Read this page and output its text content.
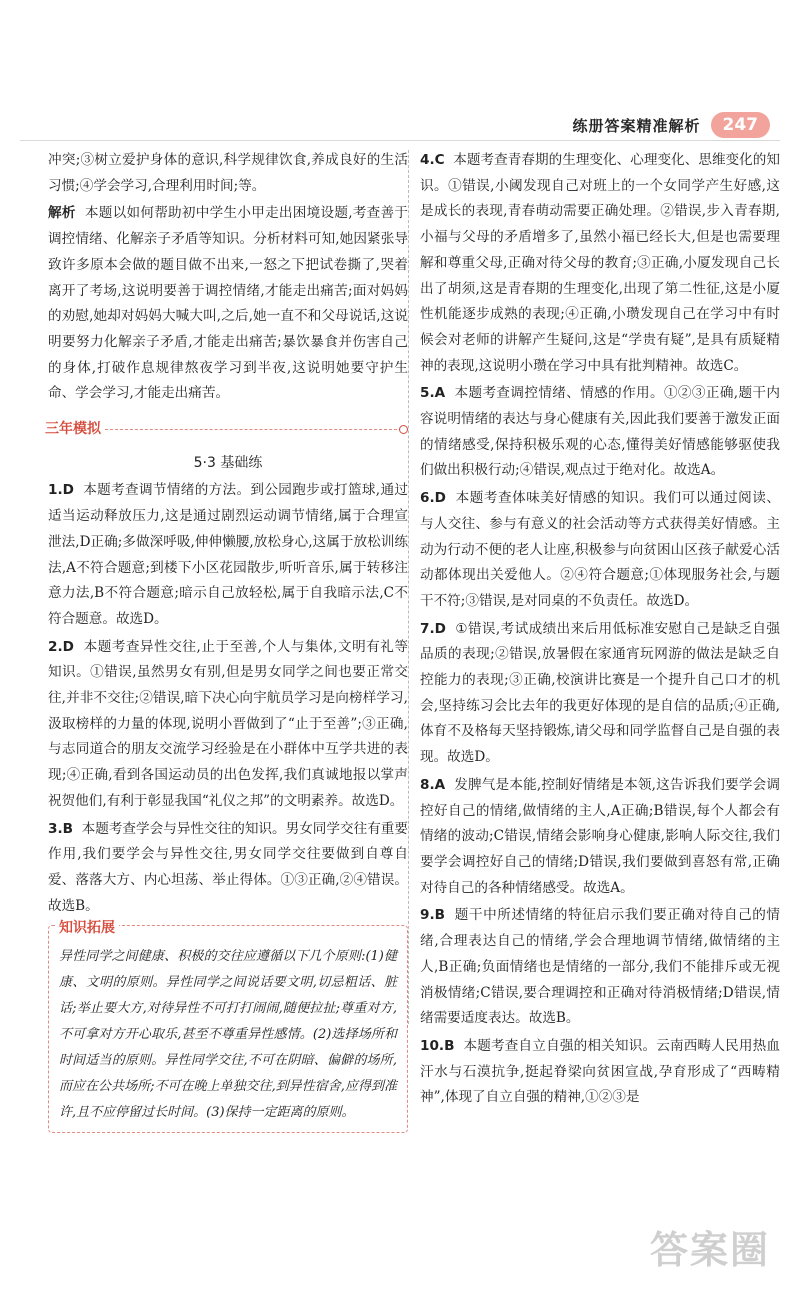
练册答案精准解析	247

冲突;③树立爱护身体的意识,科学规律饮食,养成良好的生活习惯;④学会学习,合理利用时间;等。

解析 本题以如何帮助初中学生小甲走出困境设题,考查善于调控情绪、化解亲子矛盾等知识。分析材料可知,她因紧张导致许多原本会做的题目做不出来,一怒之下把试卷撕了,哭着离开了考场,这说明要善于调控情绪,才能走出痛苦;面对妈妈的劝慰,她却对妈妈大喊大叫,之后,她一直不和父母说话,这说明要努力化解亲子矛盾,才能走出痛苦;暴饮暴食并伤害自己的身体,打破作息规律熬夜学习到半夜,这说明她要守护生命、学会学习,才能走出痛苦。

三年模拟

5·3 基础练

1.D 本题考查调节情绪的方法。到公园跑步或打篮球,通过适当运动释放压力,这是通过剧烈运动调节情绪,属于合理宣泄法,D正确;多做深呼吸,伸伸懒腰,放松身心,这属于放松训练法,A不符合题意;到楼下小区花园散步,听听音乐,属于转移注意力法,B不符合题意;暗示自己放轻松,属于自我暗示法,C不符合题意。故选D。

2.D 本题考查异性交往,止于至善,个人与集体,文明有礼等知识。①错误,虽然男女有别,但是男女同学之间也要正常交往,并非不交往;②错误,暗下决心向宇航员学习是向榜样学习,汲取榜样的力量的体现,说明小晋做到了“止于至善”;③正确,与志同道合的朋友交流学习经验是在小群体中互学共进的表现;④正确,看到各国运动员的出色发挥,我们真诚地报以掌声祝贺他们,有利于彰显我国“礼仪之邦”的文明素养。故选D。

3.B 本题考查学会与异性交往的知识。男女同学交往有重要作用,我们要学会与异性交往,男女同学交往要做到自尊自爱、落落大方、内心坦荡、举止得体。①③正确,②④错误。故选B。

知识拓展

异性同学之间健康、积极的交往应遵循以下几个原则:(1)健康、文明的原则。异性同学之间说话要文明,切忌粗话、脏话;举止要大方,对待异性不可打打闹闹,随便拉扯;尊重对方,不可拿对方开心取乐,甚至不尊重异性感情。(2)选择场所和时间适当的原则。异性同学交往,不可在阴暗、偏僻的场所,而应在公共场所;不可在晚上单独交往,到异性宿舍,应得到准许,且不应停留过长时间。(3)保持一定距离的原则。

4.C 本题考查青春期的生理变化、心理变化、思维变化的知识。①错误,小阈发现自己对班上的一个女同学产生好感,这是成长的表现,青春萌动需要正确处理。②错误,步入青春期,小福与父母的矛盾增多了,虽然小福已经长大,但是也需要理解和尊重父母,正确对待父母的教育;③正确,小厦发现自己长出了胡须,这是青春期的生理变化,出现了第二性征,这是小厦性机能逐步成熟的表现;④正确,小瓒发现自己在学习中有时候会对老师的讲解产生疑问,这是“学贵有疑”,是具有质疑精神的表现,这说明小瓒在学习中具有批判精神。故选C。

5.A 本题考查调控情绪、情感的作用。①②③正确,题干内容说明情绪的表达与身心健康有关,因此我们要善于激发正面的情绪感受,保持积极乐观的心态,懂得美好情感能够驱使我们做出积极行动;④错误,观点过于绝对化。故选A。

6.D 本题考查体味美好情感的知识。我们可以通过阅读、与人交往、参与有意义的社会活动等方式获得美好情感。主动为行动不便的老人让座,积极参与向贫困山区孩子献爱心活动都体现出关爱他人。②④符合题意;①体现服务社会,与题干不符;③错误,是对同桌的不负责任。故选D。

7.D ①错误,考试成绩出来后用低标准安慰自己是缺乏自强品质的表现;②错误,放暑假在家通宵玩网游的做法是缺乏自控能力的表现;③正确,校演讲比赛是一个提升自己口才的机会,坚持练习会比去年的我更好体现的是自信的品质;④正确,体育不及格每天坚持锻炼,请父母和同学监督自己是自强的表现。故选D。

8.A 发脾气是本能,控制好情绪是本领,这告诉我们要学会调控好自己的情绪,做情绪的主人,A正确;B错误,每个人都会有情绪的波动;C错误,情绪会影响身心健康,影响人际交往,我们要学会调控好自己的情绪;D错误,我们要做到喜怒有常,正确对待自己的各种情绪感受。故选A。

9.B 题干中所述情绪的特征启示我们要正确对待自己的情绪,合理表达自己的情绪,学会合理地调节情绪,做情绪的主人,B正确;负面情绪也是情绪的一部分,我们不能排斥或无视消极情绪;C错误,要合理调控和正确对待消极情绪;D错误,情绪需要适度表达。故选B。

10.B 本题考查自立自强的相关知识。云南西畴人民用热血汗水与石漠抗争,挺起脊梁向贫困宣战,孕育形成了“西畴精神”,体现了自立自强的精神,①②③是

答案圈
